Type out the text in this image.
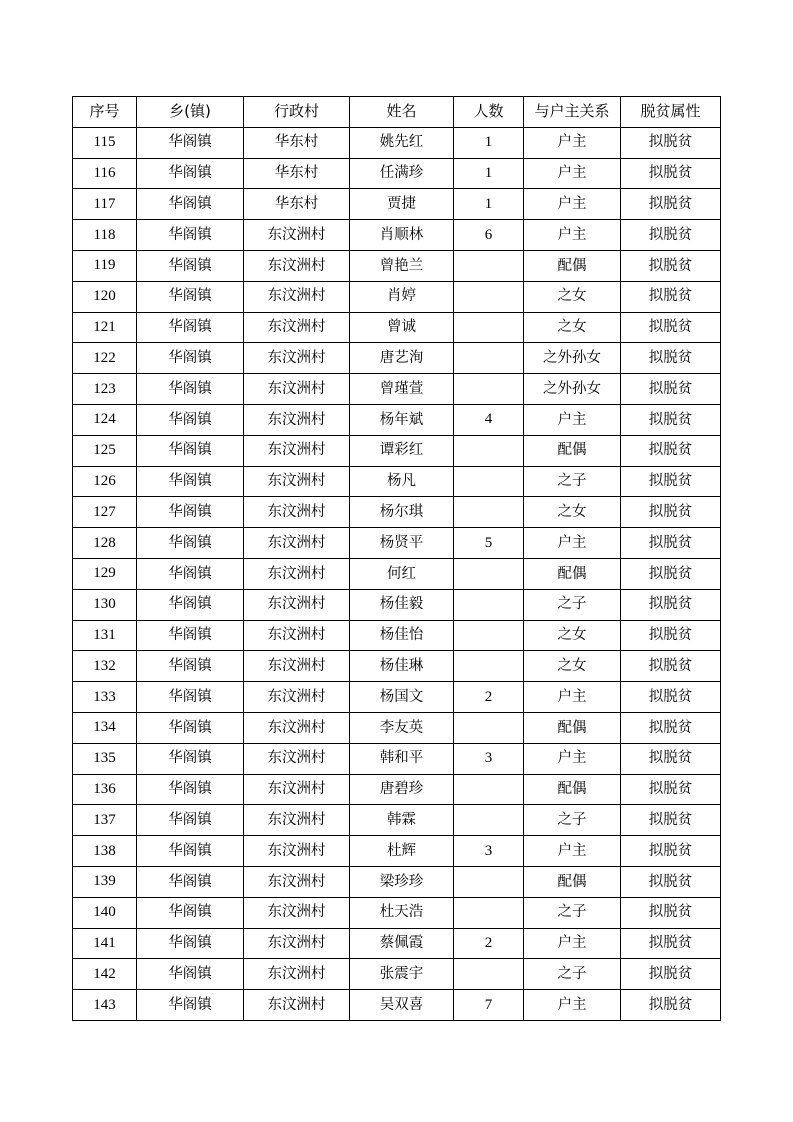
序号	乡(镇)	行政村	姓名	人数	与户主关系	脱贫属性
115	华阁镇	华东村	姚先红	1	户主	拟脱贫
116	华阁镇	华东村	任满珍	1	户主	拟脱贫
117	华阁镇	华东村	贾捷	1	户主	拟脱贫
118	华阁镇	东汶洲村	肖顺林	6	户主	拟脱贫
119	华阁镇	东汶洲村	曾艳兰		配偶	拟脱贫
120	华阁镇	东汶洲村	肖婷		之女	拟脱贫
121	华阁镇	东汶洲村	曾诚		之女	拟脱贫
122	华阁镇	东汶洲村	唐艺洵		之外孙女	拟脱贫
123	华阁镇	东汶洲村	曾瑾萱		之外孙女	拟脱贫
124	华阁镇	东汶洲村	杨年斌	4	户主	拟脱贫
125	华阁镇	东汶洲村	谭彩红		配偶	拟脱贫
126	华阁镇	东汶洲村	杨凡		之子	拟脱贫
127	华阁镇	东汶洲村	杨尔琪		之女	拟脱贫
128	华阁镇	东汶洲村	杨贤平	5	户主	拟脱贫
129	华阁镇	东汶洲村	何红		配偶	拟脱贫
130	华阁镇	东汶洲村	杨佳毅		之子	拟脱贫
131	华阁镇	东汶洲村	杨佳怡		之女	拟脱贫
132	华阁镇	东汶洲村	杨佳琳		之女	拟脱贫
133	华阁镇	东汶洲村	杨国文	2	户主	拟脱贫
134	华阁镇	东汶洲村	李友英		配偶	拟脱贫
135	华阁镇	东汶洲村	韩和平	3	户主	拟脱贫
136	华阁镇	东汶洲村	唐碧珍		配偶	拟脱贫
137	华阁镇	东汶洲村	韩霖		之子	拟脱贫
138	华阁镇	东汶洲村	杜辉	3	户主	拟脱贫
139	华阁镇	东汶洲村	梁珍珍		配偶	拟脱贫
140	华阁镇	东汶洲村	杜天浩		之子	拟脱贫
141	华阁镇	东汶洲村	蔡佩霞	2	户主	拟脱贫
142	华阁镇	东汶洲村	张震宇		之子	拟脱贫
143	华阁镇	东汶洲村	吴双喜	7	户主	拟脱贫
